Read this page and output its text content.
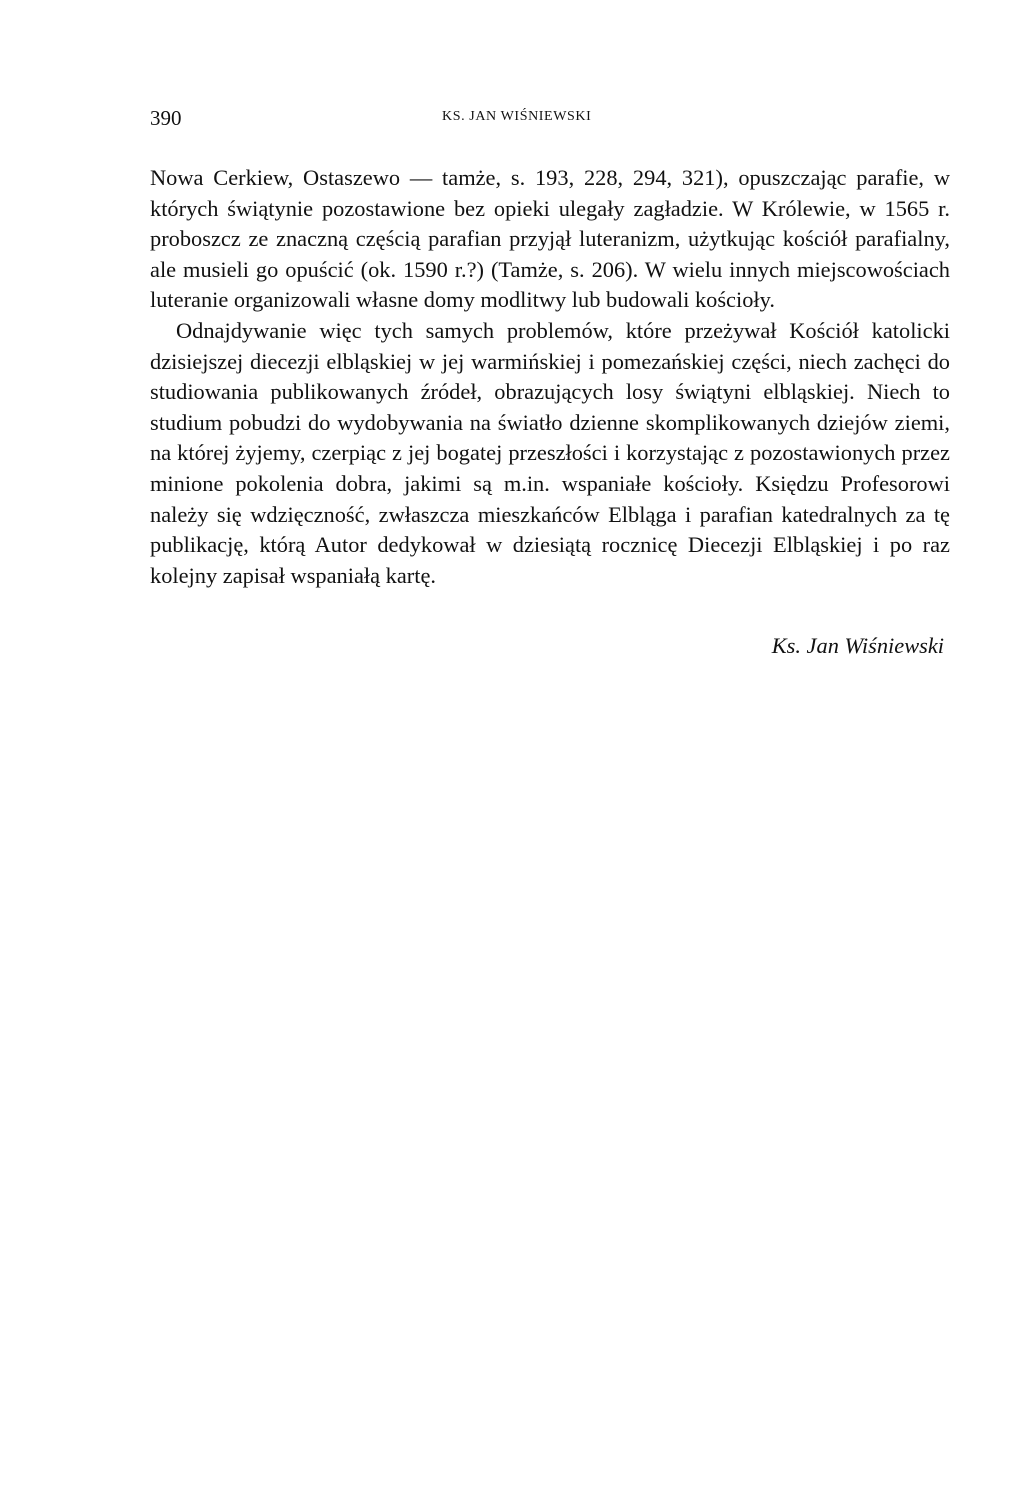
390	KS. JAN WIŚNIEWSKI

Nowa Cerkiew, Ostaszewo — tamże, s. 193, 228, 294, 321), opuszczając parafie, w których świątynie pozostawione bez opieki ulegały zagładzie. W Królewie, w 1565 r. proboszcz ze znaczną częścią parafian przyjął luteranizm, użytkując kościół parafialny, ale musieli go opuścić (ok. 1590 r.?) (Tamże, s. 206). W wielu innych miejscowościach luteranie organizowali własne domy modlitwy lub budowali kościoły.

Odnajdywanie więc tych samych problemów, które przeżywał Kościół katolicki dzisiejszej diecezji elbląskiej w jej warmińskiej i pomezańskiej części, niech zachęci do studiowania publikowanych źródeł, obrazujących losy świątyni elbląskiej. Niech to studium pobudzi do wydobywania na światło dzienne skomplikowanych dziejów ziemi, na której żyjemy, czerpiąc z jej bogatej przeszłości i korzystając z pozostawionych przez minione pokolenia dobra, jakimi są m.in. wspaniałe kościoły. Księdzu Profesorowi należy się wdzięczność, zwłaszcza mieszkańców Elbląga i parafian katedralnych za tę publikację, którą Autor dedykował w dziesiątą rocznicę Diecezji Elbląskiej i po raz kolejny zapisał wspaniałą kartę.

Ks. Jan Wiśniewski
